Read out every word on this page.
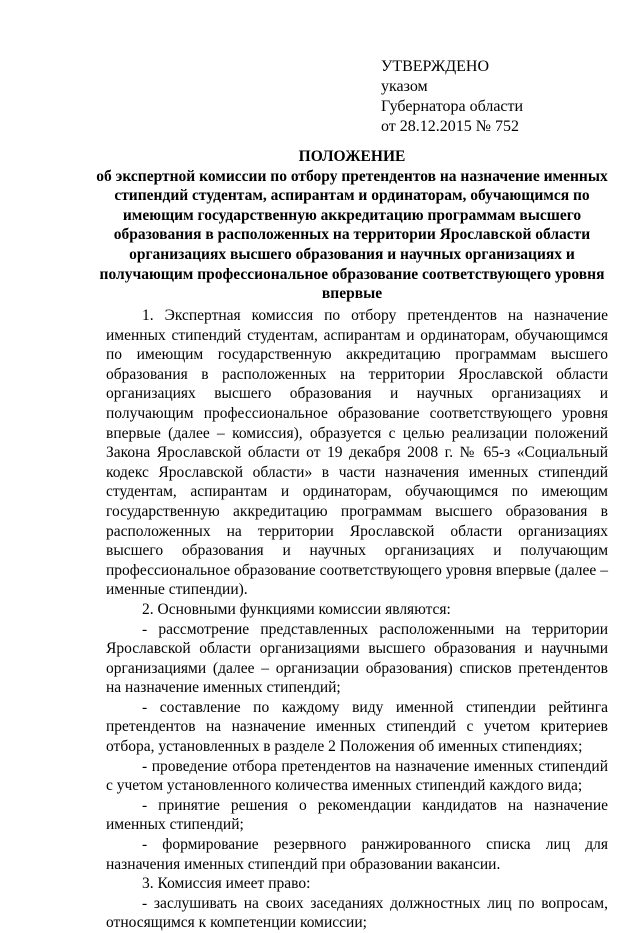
УТВЕРЖДЕНО
указом
Губернатора области
от 28.12.2015 № 752
ПОЛОЖЕНИЕ
об экспертной комиссии по отбору претендентов на назначение именных
стипендий студентам, аспирантам и ординаторам, обучающимся по
имеющим государственную аккредитацию программам высшего
образования в расположенных на территории Ярославской области
организациях высшего образования и научных организациях и
получающим профессиональное образование соответствующего уровня
впервые
1. Экспертная комиссия по отбору претендентов на назначение именных стипендий студентам, аспирантам и ординаторам, обучающимся по имеющим государственную аккредитацию программам высшего образования в расположенных на территории Ярославской области организациях высшего образования и научных организациях и получающим профессиональное образование соответствующего уровня впервые (далее – комиссия), образуется с целью реализации положений Закона Ярославской области от 19 декабря 2008 г. № 65-з «Социальный кодекс Ярославской области» в части назначения именных стипендий студентам, аспирантам и ординаторам, обучающимся по имеющим государственную аккредитацию программам высшего образования в расположенных на территории Ярославской области организациях высшего образования и научных организациях и получающим профессиональное образование соответствующего уровня впервые (далее – именные стипендии).
2. Основными функциями комиссии являются:
- рассмотрение представленных расположенными на территории Ярославской области организациями высшего образования и научными организациями (далее – организации образования) списков претендентов на назначение именных стипендий;
- составление по каждому виду именной стипендии рейтинга претендентов на назначение именных стипендий с учетом критериев отбора, установленных в разделе 2 Положения об именных стипендиях;
- проведение отбора претендентов на назначение именных стипендий с учетом установленного количества именных стипендий каждого вида;
- принятие решения о рекомендации кандидатов на назначение именных стипендий;
- формирование резервного ранжированного списка лиц для назначения именных стипендий при образовании вакансии.
3. Комиссия имеет право:
- заслушивать на своих заседаниях должностных лиц по вопросам, относящимся к компетенции комиссии;
